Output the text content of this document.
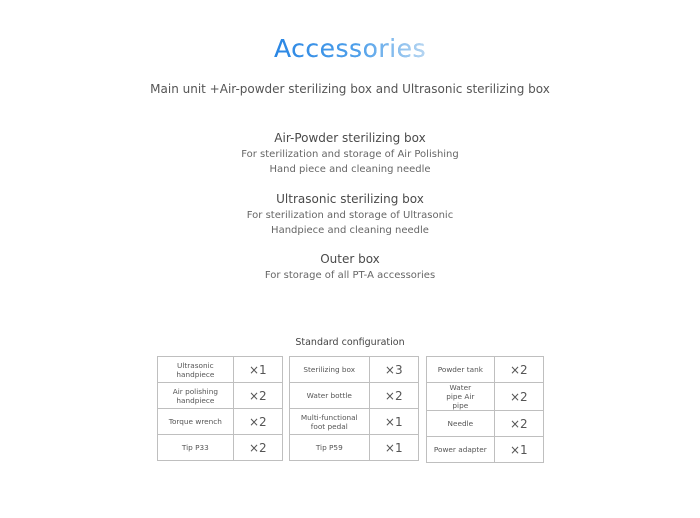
Accessories
Main unit +Air-powder sterilizing box and Ultrasonic sterilizing box
Air-Powder sterilizing box
For sterilization and storage of Air Polishing Hand piece and cleaning needle
Ultrasonic sterilizing box
For sterilization and storage of Ultrasonic Handpiece and cleaning needle
Outer box
For storage of all PT-A accessories
Standard configuration
Ultrasonic handpiece	×1
Air polishing handpiece	×2
Torque wrench	×2
Tip P33	×2
Sterilizing box	×3
Water bottle	×2
Multi-functional foot pedal	×1
Tip P59	×1
Powder tank	×2
Water pipe Air pipe	×2
Needle	×2
Power adapter	×1
